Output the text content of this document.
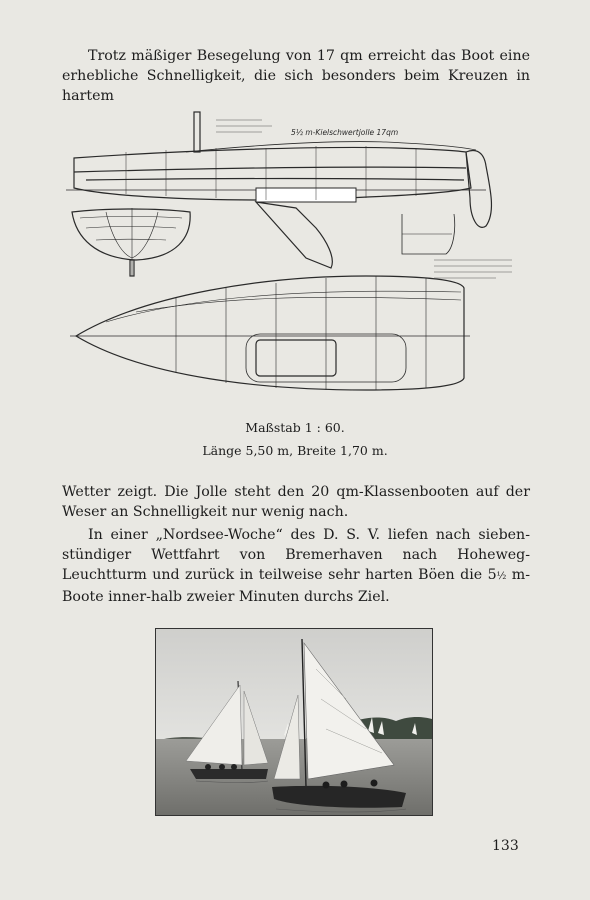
Trotz mäßiger Besegelung von 17 qm erreicht das Boot eine erhebliche Schnelligkeit, die sich besonders beim Kreuzen in hartem

5½ m-Kielschwertjolle 17qm

Maßstab 1 : 60.

Länge 5,50 m, Breite 1,70 m.

Wetter zeigt. Die Jolle steht den 20 qm-Klassenbooten auf der Weser an Schnelligkeit nur wenig nach.

In einer „Nordsee-Woche“ des D. S. V. liefen nach sieben-stündiger Wettfahrt von Bremerhaven nach Hoheweg-Leuchtturm und zurück in teilweise sehr harten Böen die 5½ m-Boote inner-halb zweier Minuten durchs Ziel.

133
